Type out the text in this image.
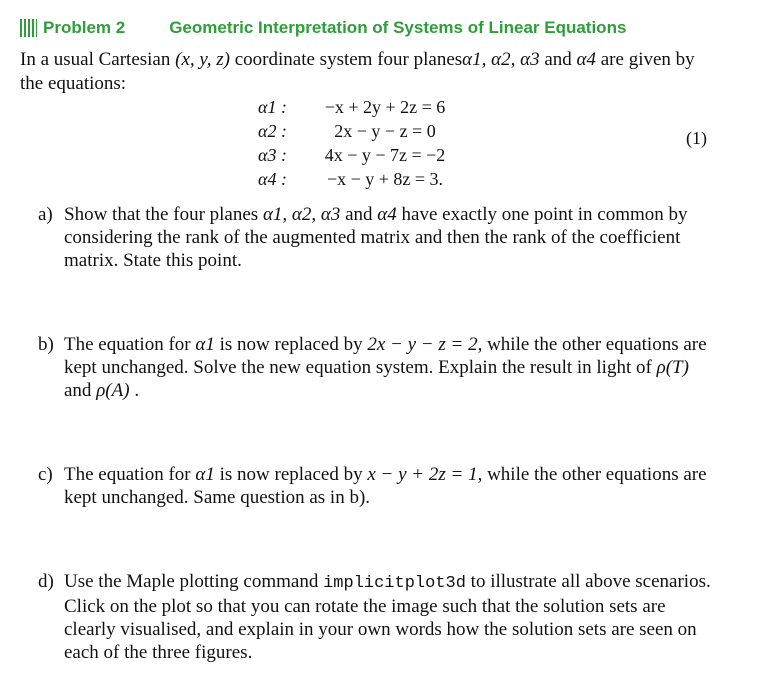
Problem 2	Geometric Interpretation of Systems of Linear Equations
In a usual Cartesian (x, y, z) coordinate system four planesα1, α2, α3 and α4 are given by the equations:
α1 :	−x + 2y + 2z = 6
α2 :	2x − y − z = 0
α3 :	4x − y − 7z = −2
α4 :	−x − y + 8z = 3.
(1)
a) Show that the four planes α1, α2, α3 and α4 have exactly one point in common by considering the rank of the augmented matrix and then the rank of the coefficient matrix. State this point.
b) The equation for α1 is now replaced by 2x − y − z = 2, while the other equations are kept unchanged. Solve the new equation system. Explain the result in light of ρ(T) and ρ(A) .
c) The equation for α1 is now replaced by x − y + 2z = 1, while the other equations are kept unchanged. Same question as in b).
d) Use the Maple plotting command implicitplot3d to illustrate all above scenarios. Click on the plot so that you can rotate the image such that the solution sets are clearly visualised, and explain in your own words how the solution sets are seen on each of the three figures.
